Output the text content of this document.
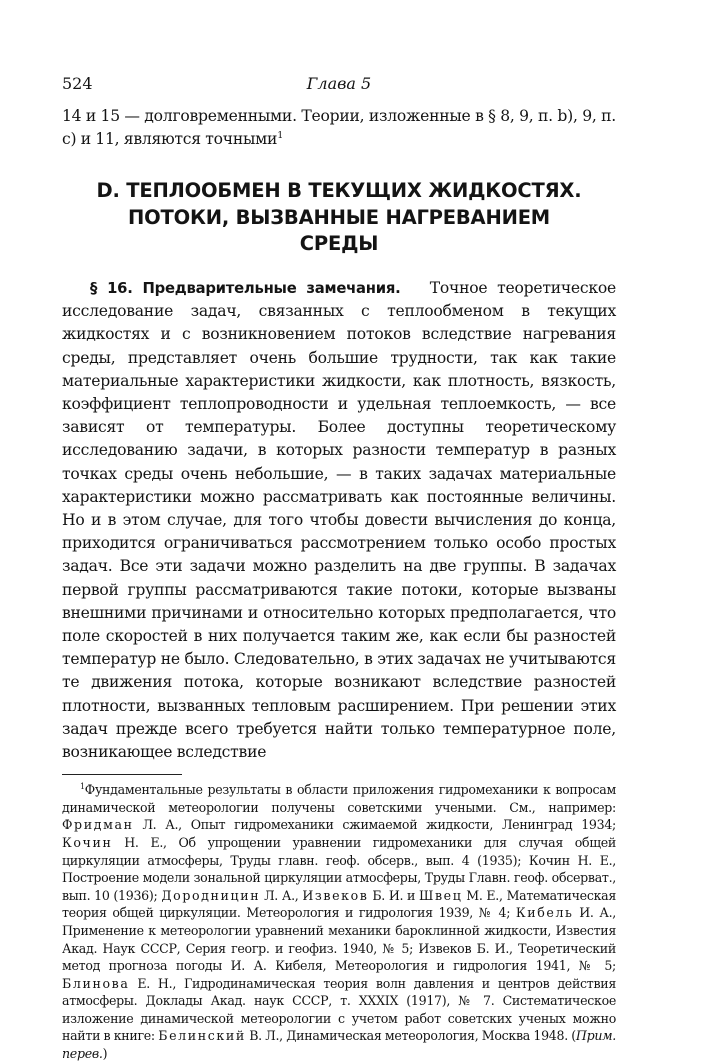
524	Глава 5

14 и 15 — долговременными. Теории, изложенные в § 8, 9, п. b), 9, п. c) и 11, являются точными$^1$

D. ТЕПЛООБМЕН В ТЕКУЩИХ ЖИДКОСТЯХ.
ПОТОКИ, ВЫЗВАННЫЕ НАГРЕВАНИЕМ
СРЕДЫ

§ 16. Предварительные замечания. Точное теоретическое исследование задач, связанных с теплообменом в текущих жидкостях и с возникновением потоков вследствие нагревания среды, представляет очень большие трудности, так как такие материальные характеристики жидкости, как плотность, вязкость, коэффициент теплопроводности и удельная теплоемкость, — все зависят от температуры. Более доступны теоретическому исследованию задачи, в которых разности температур в разных точках среды очень небольшие, — в таких задачах материальные характеристики можно рассматривать как постоянные величины. Но и в этом случае, для того чтобы довести вычисления до конца, приходится ограничиваться рассмотрением только особо простых задач. Все эти задачи можно разделить на две группы. В задачах первой группы рассматриваются такие потоки, которые вызваны внешними причинами и относительно которых предполагается, что поле скоростей в них получается таким же, как если бы разностей температур не было. Следовательно, в этих задачах не учитываются те движения потока, которые возникают вследствие разностей плотности, вызванных тепловым расширением. При решении этих задач прежде всего требуется найти только температурное поле, возникающее вследствие

$^1$Фундаментальные результаты в области приложения гидромеханики к вопросам динамической метеорологии получены советскими учеными. См., например: Фридман Л. А., Опыт гидромеханики сжимаемой жидкости, Ленинград 1934; Кочин Н. Е., Об упрощении уравнении гидромеханики для случая общей циркуляции атмосферы, Труды главн. геоф. обсерв., вып. 4 (1935); Кочин Н. Е., Построение модели зональной циркуляции атмосферы, Труды Главн. геоф. обсерват., вып. 10 (1936); Дородницин Л. А., Извеков Б. И. и Швец М. Е., Математическая теория общей циркуляции. Метеорология и гидрология 1939, № 4; Кибель И. А., Применение к метеорологии уравнений механики бароклинной жидкости, Известия Акад. Наук СССР, Серия геогр. и геофиз. 1940, № 5; Извеков Б. И., Теоретический метод прогноза погоды И. А. Кибеля, Метеорология и гидрология 1941, № 5; Блинова Е. Н., Гидродинамическая теория волн давления и центров действия атмосферы. Доклады Акад. наук СССР, т. XXXIX (1917), № 7. Систематическое изложение динамической метеорологии с учетом работ советских ученых можно найти в книге: Белинский В. Л., Динамическая метеорология, Москва 1948. (Прим. перев.)
